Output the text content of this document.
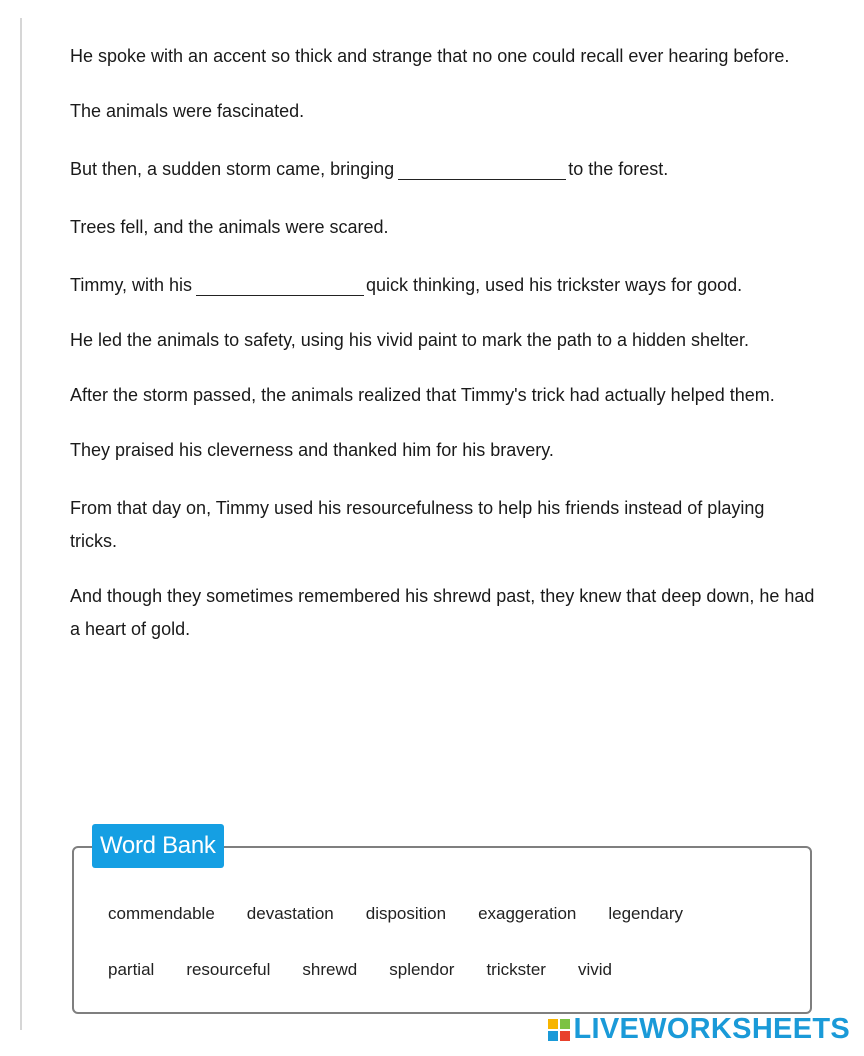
He spoke with an accent so thick and strange that no one could recall ever hearing before.

The animals were fascinated.

But then, a sudden storm came, bringing	to the forest.

Trees fell, and the animals were scared.

Timmy, with his	quick thinking, used his trickster ways for good.

He led the animals to safety, using his vivid paint to mark the path to a hidden shelter.

After the storm passed, the animals realized that Timmy's trick had actually helped them.

They praised his cleverness and thanked him for his bravery.

From that day on, Timmy used his resourcefulness to help his friends instead of playing tricks.

And though they sometimes remembered his shrewd past, they knew that deep down, he had a heart of gold.

Word Bank
commendable devastation disposition exaggeration legendary
partial resourceful shrewd splendor trickster vivid
LIVEWORKSHEETS
